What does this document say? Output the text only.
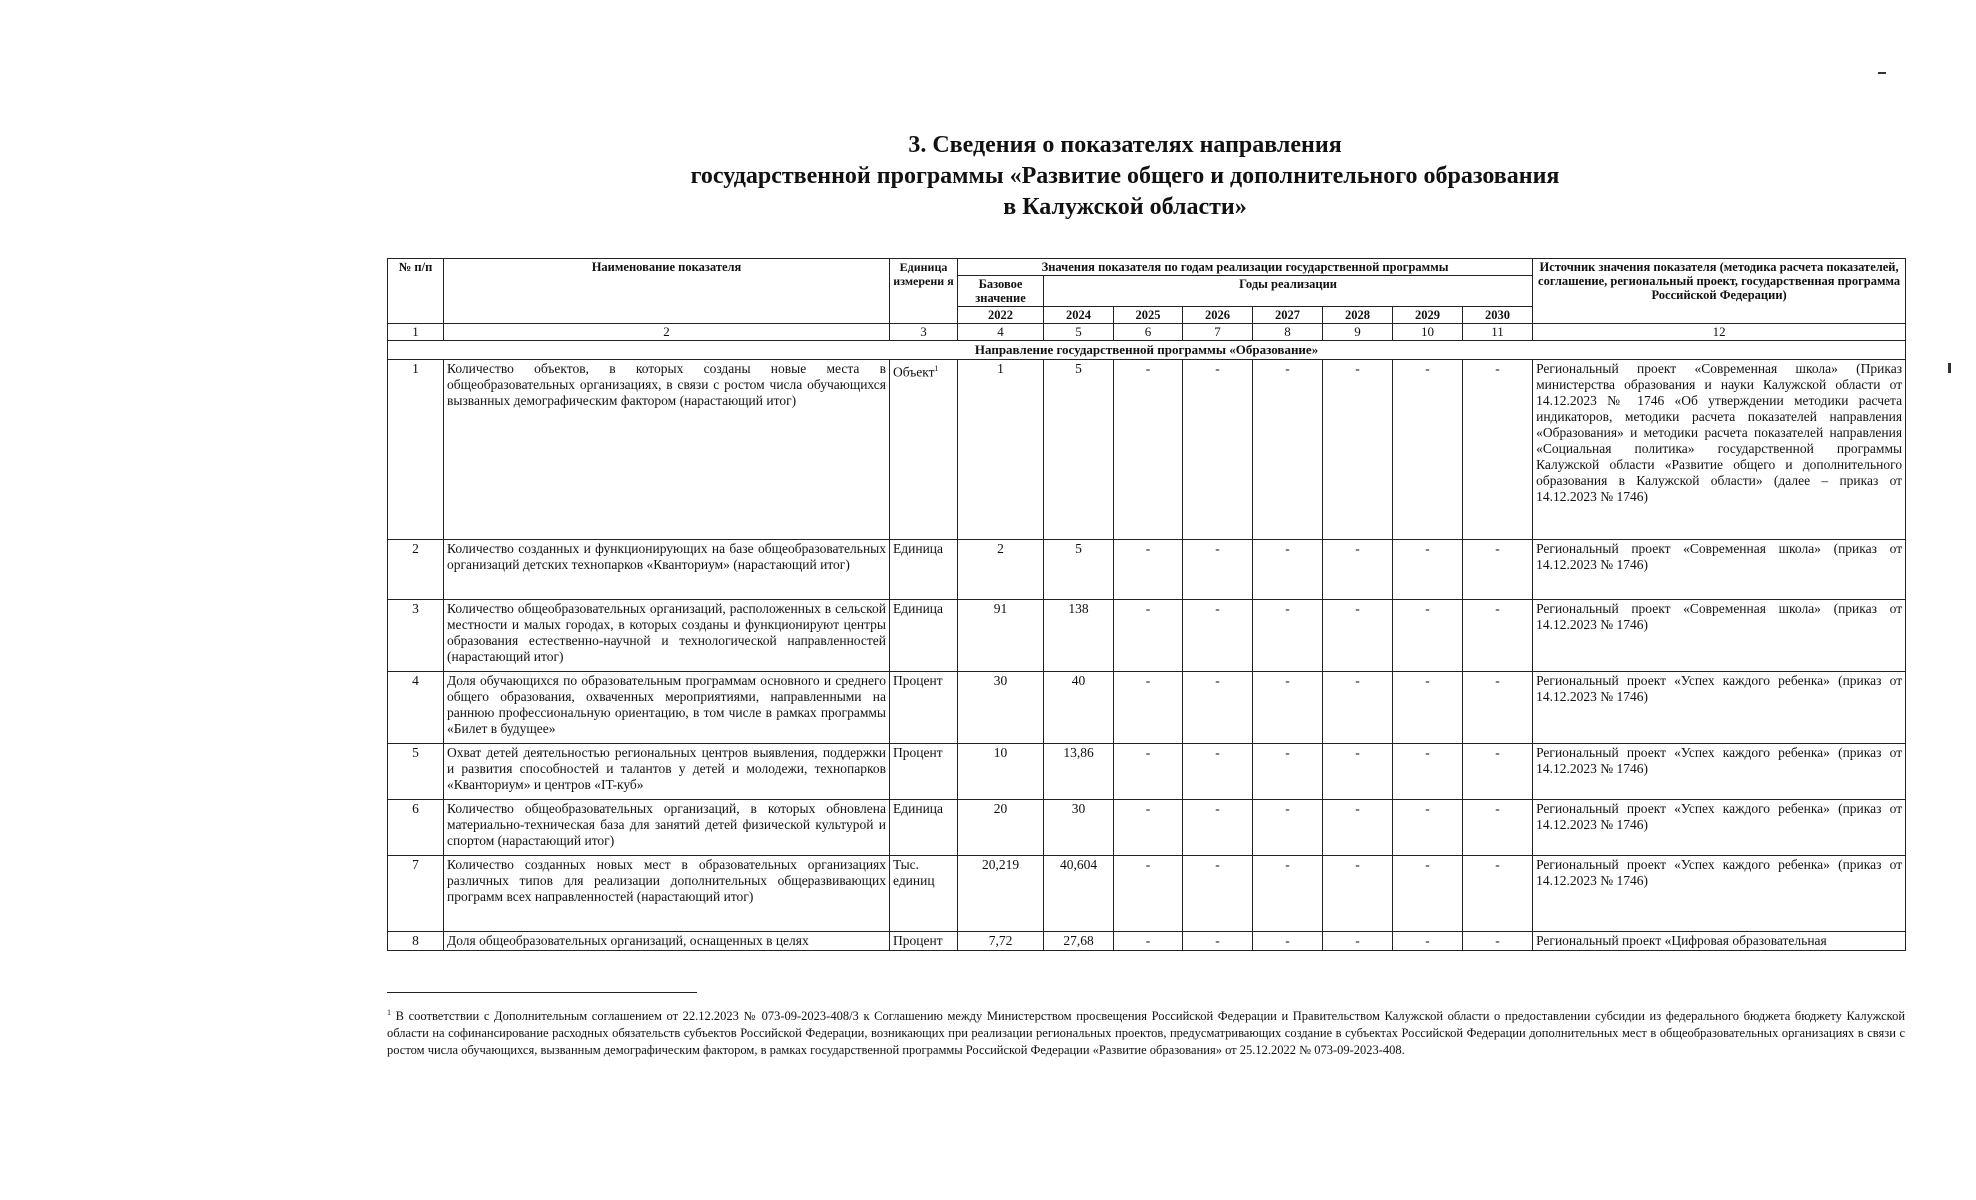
3. Сведения о показателях направления
государственной программы «Развитие общего и дополнительного образования
в Калужской области»
№ п/п	Наименование показателя	Единица измерени я	Значения показателя по годам реализации государственной программы								Источник значения показателя (методика расчета показателей, соглашение, региональный проект, государственная программа Российской Федерации)
			Базовое значение	Годы реализации							
			2022	2024	2025	2026	2027	2028	2029	2030	
1	2	3	4	5	6	7	8	9	10	11	12
Направление государственной программы «Образование»											
1	Количество объектов, в которых созданы новые места в общеобразовательных организациях, в связи с ростом числа обучающихся вызванных демографическим фактором (нарастающий итог)	Объект$^1$	1	5	-	-	-	-	-	-	Региональный проект «Современная школа» (Приказ министерства образования и науки Калужской области от 14.12.2023 № 1746 «Об утверждении методики расчета индикаторов, методики расчета показателей направления «Образования» и методики расчета показателей направления «Социальная политика» государственной программы Калужской области «Развитие общего и дополнительного образования в Калужской области» (далее – приказ от 14.12.2023 № 1746)
2	Количество созданных и функционирующих на базе общеобразовательных организаций детских технопарков «Кванториум» (нарастающий итог)	Единица	2	5	-	-	-	-	-	-	Региональный проект «Современная школа» (приказ от 14.12.2023 № 1746)
3	Количество общеобразовательных организаций, расположенных в сельской местности и малых городах, в которых созданы и функционируют центры образования естественно-научной и технологической направленностей (нарастающий итог)	Единица	91	138	-	-	-	-	-	-	Региональный проект «Современная школа» (приказ от 14.12.2023 № 1746)
4	Доля обучающихся по образовательным программам основного и среднего общего образования, охваченных мероприятиями, направленными на раннюю профессиональную ориентацию, в том числе в рамках программы «Билет в будущее»	Процент	30	40	-	-	-	-	-	-	Региональный проект «Успех каждого ребенка» (приказ от 14.12.2023 № 1746)
5	Охват детей деятельностью региональных центров выявления, поддержки и развития способностей и талантов у детей и молодежи, технопарков «Кванториум» и центров «IT-куб»	Процент	10	13,86	-	-	-	-	-	-	Региональный проект «Успех каждого ребенка» (приказ от 14.12.2023 № 1746)
6	Количество общеобразовательных организаций, в которых обновлена материально-техническая база для занятий детей физической культурой и спортом (нарастающий итог)	Единица	20	30	-	-	-	-	-	-	Региональный проект «Успех каждого ребенка» (приказ от 14.12.2023 № 1746)
7	Количество созданных новых мест в образовательных организациях различных типов для реализации дополнительных общеразвивающих программ всех направленностей (нарастающий итог)	Тыс. единиц	20,219	40,604	-	-	-	-	-	-	Региональный проект «Успех каждого ребенка» (приказ от 14.12.2023 № 1746)
8	Доля общеобразовательных организаций, оснащенных в целях	Процент	7,72	27,68	-	-	-	-	-	-	Региональный проект «Цифровая образовательная
$^1$ В соответствии с Дополнительным соглашением от 22.12.2023 № 073-09-2023-408/3 к Соглашению между Министерством просвещения Российской Федерации и Правительством Калужской области о предоставлении субсидии из федерального бюджета бюджету Калужской области на софинансирование расходных обязательств субъектов Российской Федерации, возникающих при реализации региональных проектов, предусматривающих создание в субъектах Российской Федерации дополнительных мест в общеобразовательных организациях в связи с ростом числа обучающихся, вызванным демографическим фактором, в рамках государственной программы Российской Федерации «Развитие образования» от 25.12.2022 № 073-09-2023-408.
